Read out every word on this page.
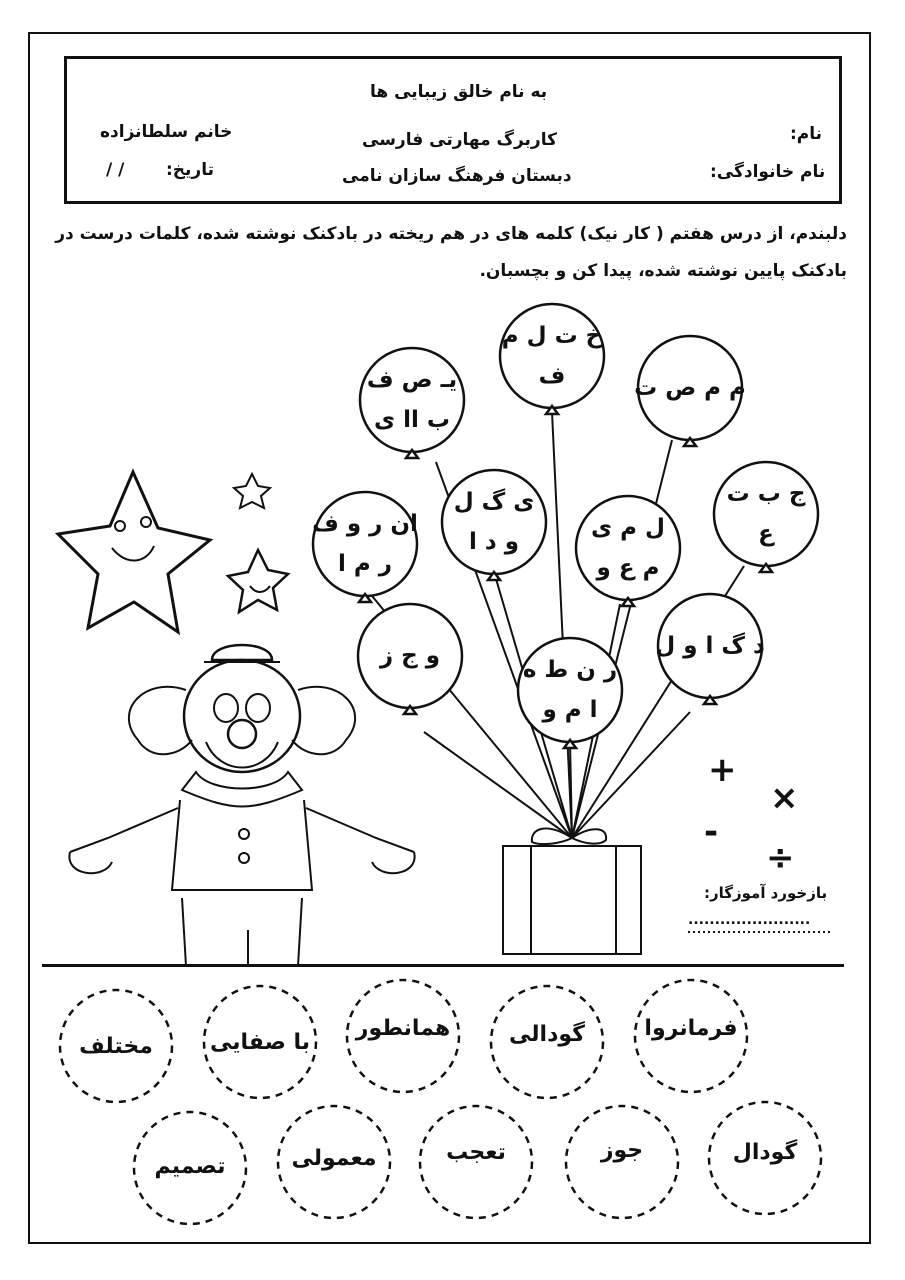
به نام خالق زیبایی ها
خانم سلطانزاده
تاریخ:
/ /
کاربرگ مهارتی فارسی
دبستان فرهنگ سازان نامی
نام:
نام خانوادگی:
دلبندم، از درس هفتم ( کار نیک) کلمه های در هم ریخته در بادکنک نوشته شده، کلمات درست در
بادکنک پایین نوشته شده، پیدا کن و بچسبان.
خ ت ل م
ف
یـ ص ف
ب اا ی
م م ص ت
ج ب ت
ع
ی گ ل
و د ا
ان ر و ف
ر م ا
ل م ی
م ع و
و ج ز	د گ ا و ل
ر ن ط ه
ا م و
+
×
-
÷
بازخورد آموزگار:
فرمانروا
گودالی
همانطور
با صفایی
مختلف
گودال
جوز
تعجب
معمولی
تصمیم
.......................
